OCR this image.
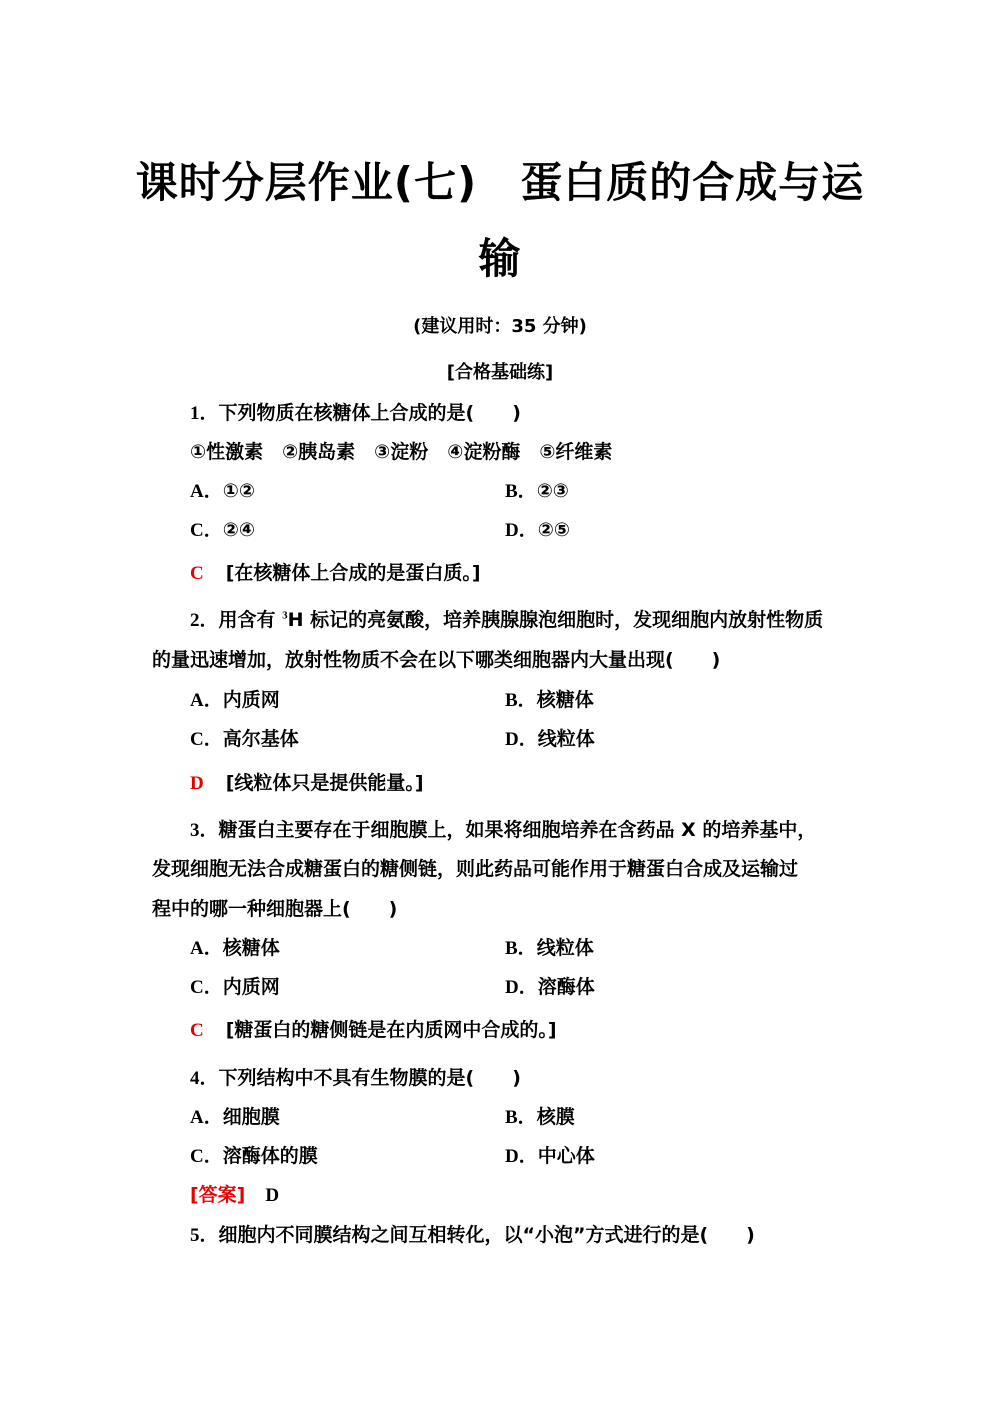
课时分层作业(七)　蛋白质的合成与运
输
(建议用时：35 分钟)
[合格基础练]
1．下列物质在核糖体上合成的是(　　)
①性激素　②胰岛素　③淀粉　④淀粉酶　⑤纤维素
A．①②	B．②③
C．②④	D．②⑤
C [在核糖体上合成的是蛋白质。]
2．用含有 $^3$H 标记的亮氨酸，培养胰腺腺泡细胞时，发现细胞内放射性物质
的量迅速增加，放射性物质不会在以下哪类细胞器内大量出现(　　)
A．内质网	B．核糖体
C．高尔基体	D．线粒体
D [线粒体只是提供能量。]
3．糖蛋白主要存在于细胞膜上，如果将细胞培养在含药品 X 的培养基中，
发现细胞无法合成糖蛋白的糖侧链，则此药品可能作用于糖蛋白合成及运输过
程中的哪一种细胞器上(　　)
A．核糖体	B．线粒体
C．内质网	D．溶酶体
C [糖蛋白的糖侧链是在内质网中合成的。]
4．下列结构中不具有生物膜的是(　　)
A．细胞膜	B．核膜
C．溶酶体的膜	D．中心体
[答案] D
5．细胞内不同膜结构之间互相转化，以“小泡”方式进行的是(　　)
